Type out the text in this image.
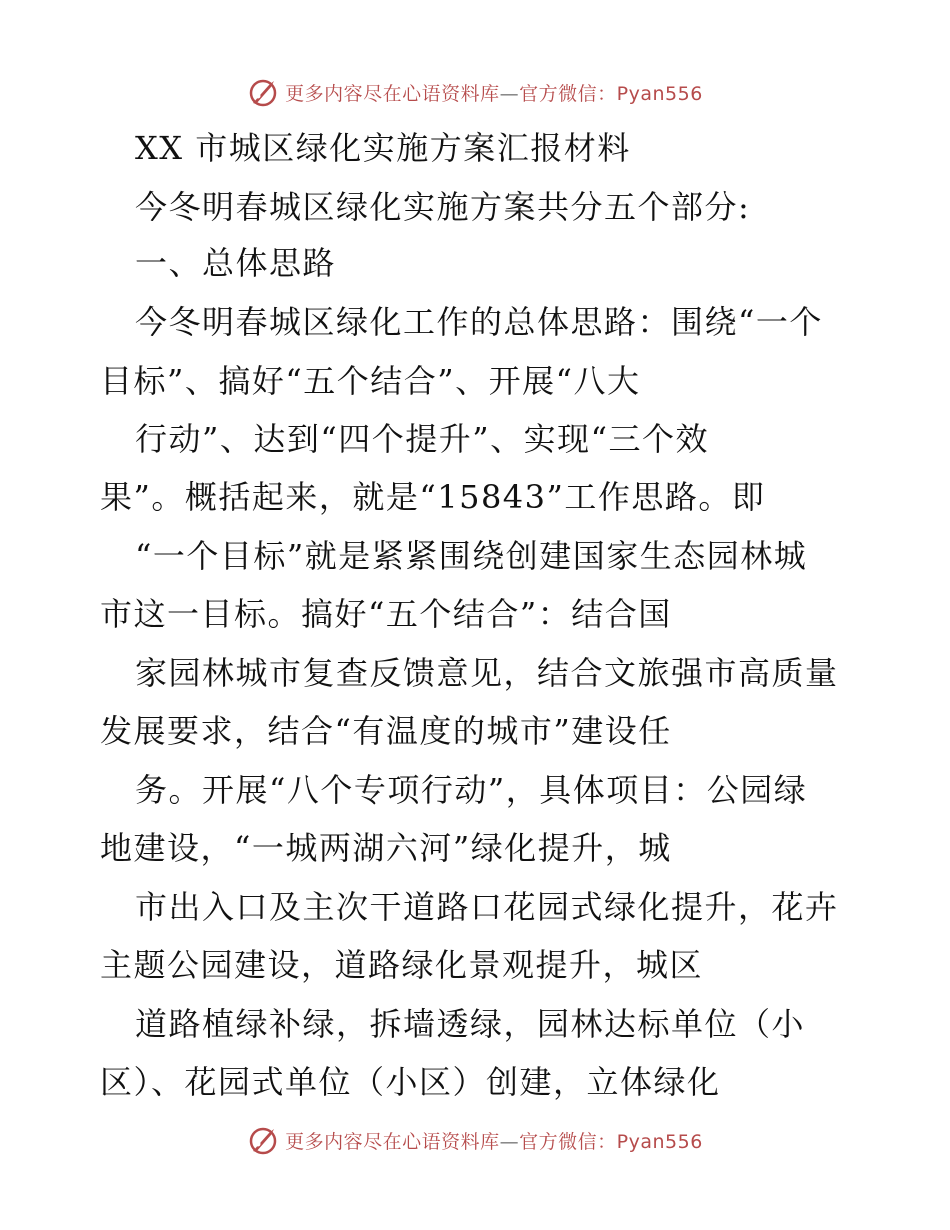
更多内容尽在心语资料库—官方微信：Pyan556
XX 市城区绿化实施方案汇报材料
今冬明春城区绿化实施方案共分五个部分:
一、总体思路
今冬明春城区绿化工作的总体思路：围绕“一个
目标”、搞好“五个结合”、开展“八大
行动”、达到“四个提升”、实现“三个效
果”。概括起来，就是“15843”工作思路。即
“一个目标”就是紧紧围绕创建国家生态园林城
市这一目标。搞好“五个结合”：结合国
家园林城市复查反馈意见，结合文旅强市高质量
发展要求，结合“有温度的城市”建设任
务。开展“八个专项行动”，具体项目：公园绿
地建设，“一城两湖六河”绿化提升，城
市出入口及主次干道路口花园式绿化提升，花卉
主题公园建设，道路绿化景观提升，城区
道路植绿补绿，拆墙透绿，园林达标单位（小
区）、花园式单位（小区）创建，立体绿化
更多内容尽在心语资料库—官方微信：Pyan556
